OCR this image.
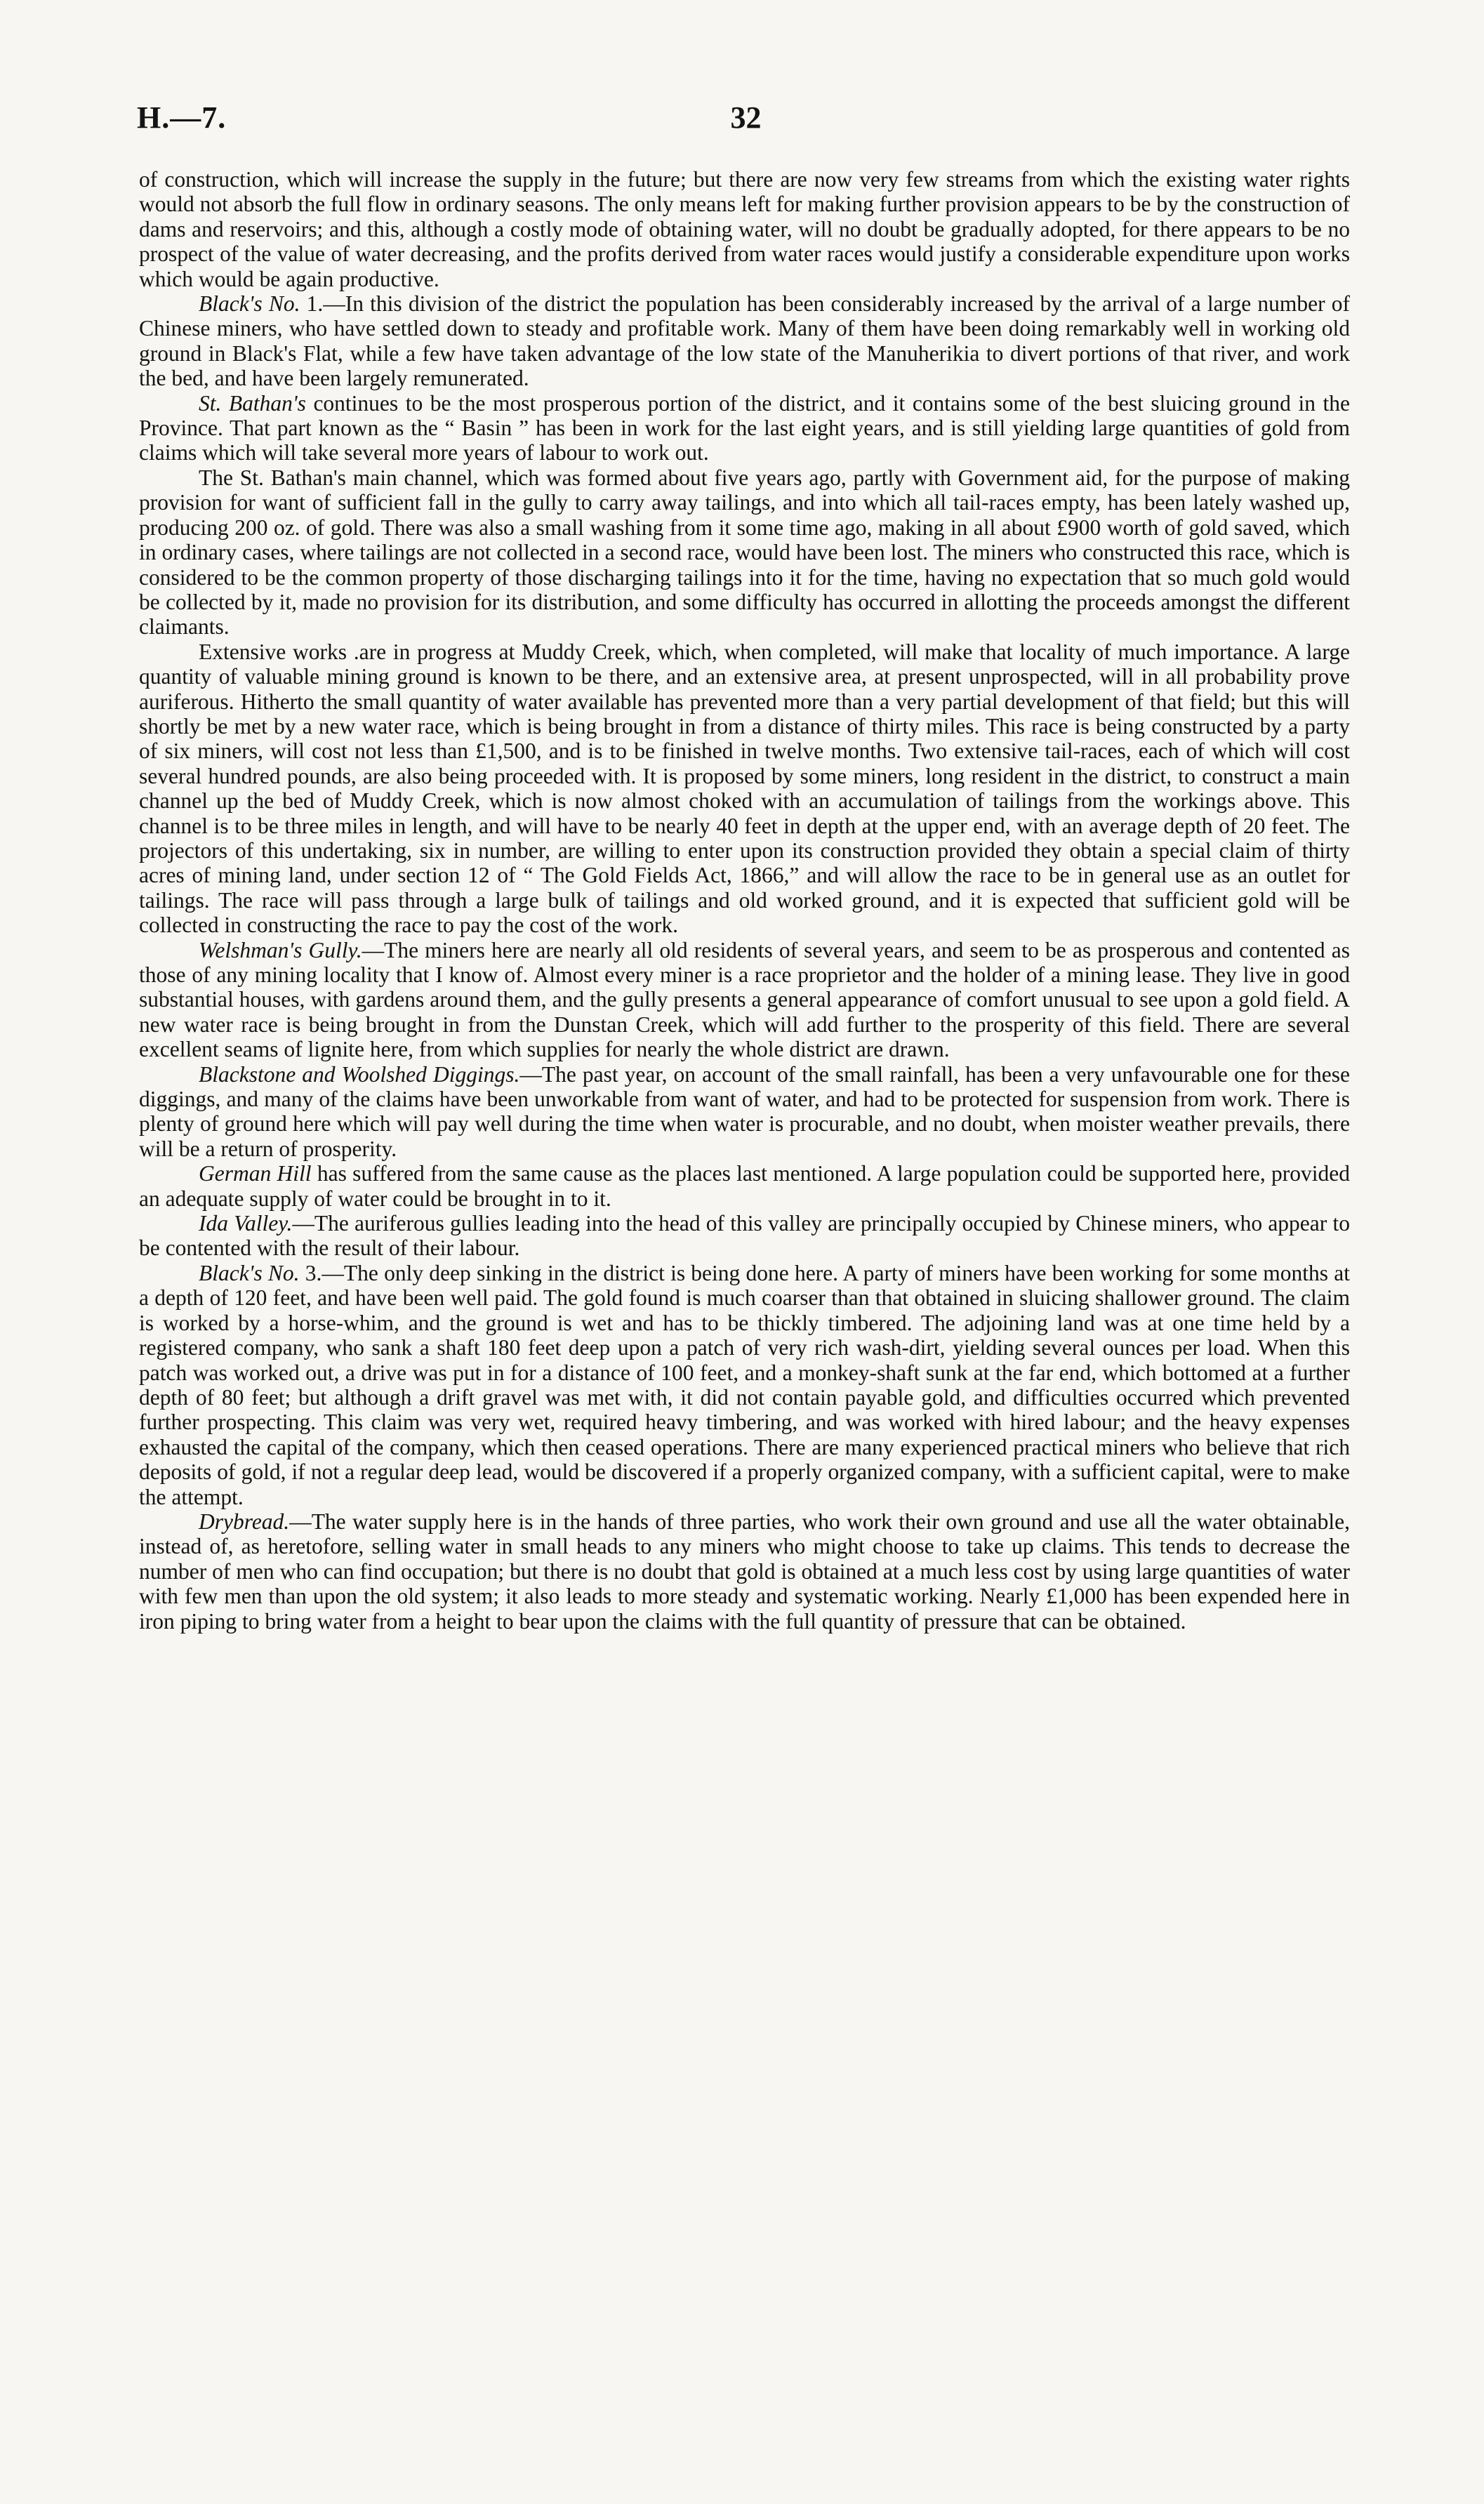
H.—7.	32

of construction, which will increase the supply in the future; but there are now very few streams from which the existing water rights would not absorb the full flow in ordinary seasons. The only means left for making further provision appears to be by the construction of dams and reservoirs; and this, although a costly mode of obtaining water, will no doubt be gradually adopted, for there appears to be no prospect of the value of water decreasing, and the profits derived from water races would justify a considerable expenditure upon works which would be again productive.

Black's No. 1.—In this division of the district the population has been considerably increased by the arrival of a large number of Chinese miners, who have settled down to steady and profitable work. Many of them have been doing remarkably well in working old ground in Black's Flat, while a few have taken advantage of the low state of the Manuherikia to divert portions of that river, and work the bed, and have been largely remunerated.

St. Bathan's continues to be the most prosperous portion of the district, and it contains some of the best sluicing ground in the Province. That part known as the “ Basin ” has been in work for the last eight years, and is still yielding large quantities of gold from claims which will take several more years of labour to work out.

The St. Bathan's main channel, which was formed about five years ago, partly with Government aid, for the purpose of making provision for want of sufficient fall in the gully to carry away tailings, and into which all tail-races empty, has been lately washed up, producing 200 oz. of gold. There was also a small washing from it some time ago, making in all about £900 worth of gold saved, which in ordinary cases, where tailings are not collected in a second race, would have been lost. The miners who constructed this race, which is considered to be the common property of those discharging tailings into it for the time, having no expectation that so much gold would be collected by it, made no provision for its distribution, and some difficulty has occurred in allotting the proceeds amongst the different claimants.

Extensive works .are in progress at Muddy Creek, which, when completed, will make that locality of much importance. A large quantity of valuable mining ground is known to be there, and an extensive area, at present unprospected, will in all probability prove auriferous. Hitherto the small quantity of water available has prevented more than a very partial development of that field; but this will shortly be met by a new water race, which is being brought in from a distance of thirty miles. This race is being constructed by a party of six miners, will cost not less than £1,500, and is to be finished in twelve months. Two extensive tail-races, each of which will cost several hundred pounds, are also being proceeded with. It is proposed by some miners, long resident in the district, to construct a main channel up the bed of Muddy Creek, which is now almost choked with an accumulation of tailings from the workings above. This channel is to be three miles in length, and will have to be nearly 40 feet in depth at the upper end, with an average depth of 20 feet. The projectors of this undertaking, six in number, are willing to enter upon its construction provided they obtain a special claim of thirty acres of mining land, under section 12 of “ The Gold Fields Act, 1866,” and will allow the race to be in general use as an outlet for tailings. The race will pass through a large bulk of tailings and old worked ground, and it is expected that sufficient gold will be collected in constructing the race to pay the cost of the work.

Welshman's Gully.—The miners here are nearly all old residents of several years, and seem to be as prosperous and contented as those of any mining locality that I know of. Almost every miner is a race proprietor and the holder of a mining lease. They live in good substantial houses, with gardens around them, and the gully presents a general appearance of comfort unusual to see upon a gold field. A new water race is being brought in from the Dunstan Creek, which will add further to the prosperity of this field. There are several excellent seams of lignite here, from which supplies for nearly the whole district are drawn.

Blackstone and Woolshed Diggings.—The past year, on account of the small rainfall, has been a very unfavourable one for these diggings, and many of the claims have been unworkable from want of water, and had to be protected for suspension from work. There is plenty of ground here which will pay well during the time when water is procurable, and no doubt, when moister weather prevails, there will be a return of prosperity.

German Hill has suffered from the same cause as the places last mentioned. A large population could be supported here, provided an adequate supply of water could be brought in to it.

Ida Valley.—The auriferous gullies leading into the head of this valley are principally occupied by Chinese miners, who appear to be contented with the result of their labour.

Black's No. 3.—The only deep sinking in the district is being done here. A party of miners have been working for some months at a depth of 120 feet, and have been well paid. The gold found is much coarser than that obtained in sluicing shallower ground. The claim is worked by a horse-whim, and the ground is wet and has to be thickly timbered. The adjoining land was at one time held by a registered company, who sank a shaft 180 feet deep upon a patch of very rich wash-dirt, yielding several ounces per load. When this patch was worked out, a drive was put in for a distance of 100 feet, and a monkey-shaft sunk at the far end, which bottomed at a further depth of 80 feet; but although a drift gravel was met with, it did not contain payable gold, and difficulties occurred which prevented further prospecting. This claim was very wet, required heavy timbering, and was worked with hired labour; and the heavy expenses exhausted the capital of the company, which then ceased operations. There are many experienced practical miners who believe that rich deposits of gold, if not a regular deep lead, would be discovered if a properly organized company, with a sufficient capital, were to make the attempt.

Drybread.—The water supply here is in the hands of three parties, who work their own ground and use all the water obtainable, instead of, as heretofore, selling water in small heads to any miners who might choose to take up claims. This tends to decrease the number of men who can find occupation; but there is no doubt that gold is obtained at a much less cost by using large quantities of water with few men than upon the old system; it also leads to more steady and systematic working. Nearly £1,000 has been expended here in iron piping to bring water from a height to bear upon the claims with the full quantity of pressure that can be obtained.
